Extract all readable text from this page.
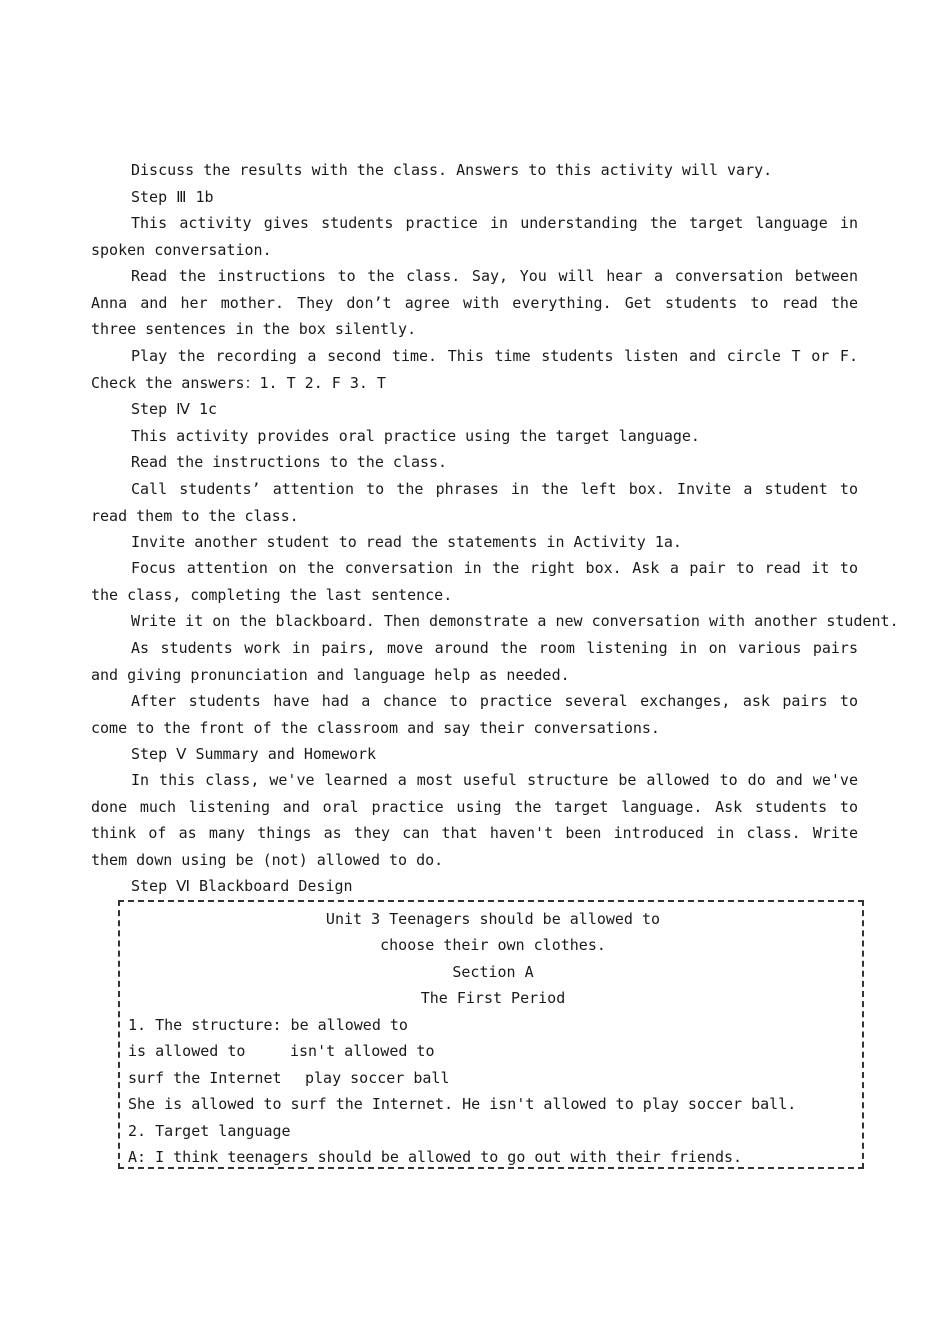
Discuss the results with the class. Answers to this activity will vary.

Step Ⅲ 1b

This activity gives students practice in understanding the target language in spoken conversation.

Read the instructions to the class. Say, You will hear a conversation between Anna and her mother. They don’t agree with everything. Get students to read the three sentences in the box silently.

Play the recording a second time. This time students listen and circle T or F. Check the answers：1. T 2. F 3. T

Step Ⅳ 1c

This activity provides oral practice using the target language.

Read the instructions to the class.

Call students’ attention to the phrases in the left box. Invite a student to read them to the class.

Invite another student to read the statements in Activity 1a.

Focus attention on the conversation in the right box. Ask a pair to read it to the class, completing the last sentence.

Write it on the blackboard. Then demonstrate a new conversation with another student.

As students work in pairs, move around the room listening in on various pairs and giving pronunciation and language help as needed.

After students have had a chance to practice several exchanges, ask pairs to come to the front of the classroom and say their conversations.

Step Ⅴ Summary and Homework

In this class, we've learned a most useful structure be allowed to do and we've done much listening and oral practice using the target language. Ask students to think of as many things as they can that haven't been introduced in class. Write them down using be (not) allowed to do.

Step Ⅵ Blackboard Design

Unit 3 Teenagers should be allowed to

choose their own clothes.

Section A

The First Period

1. The structure: be allowed to

is allowed to	isn't allowed to

surf the Internet play soccer ball

She is allowed to surf the Internet. He isn't allowed to play soccer ball.

2. Target language

A: I think teenagers should be allowed to go out with their friends.
